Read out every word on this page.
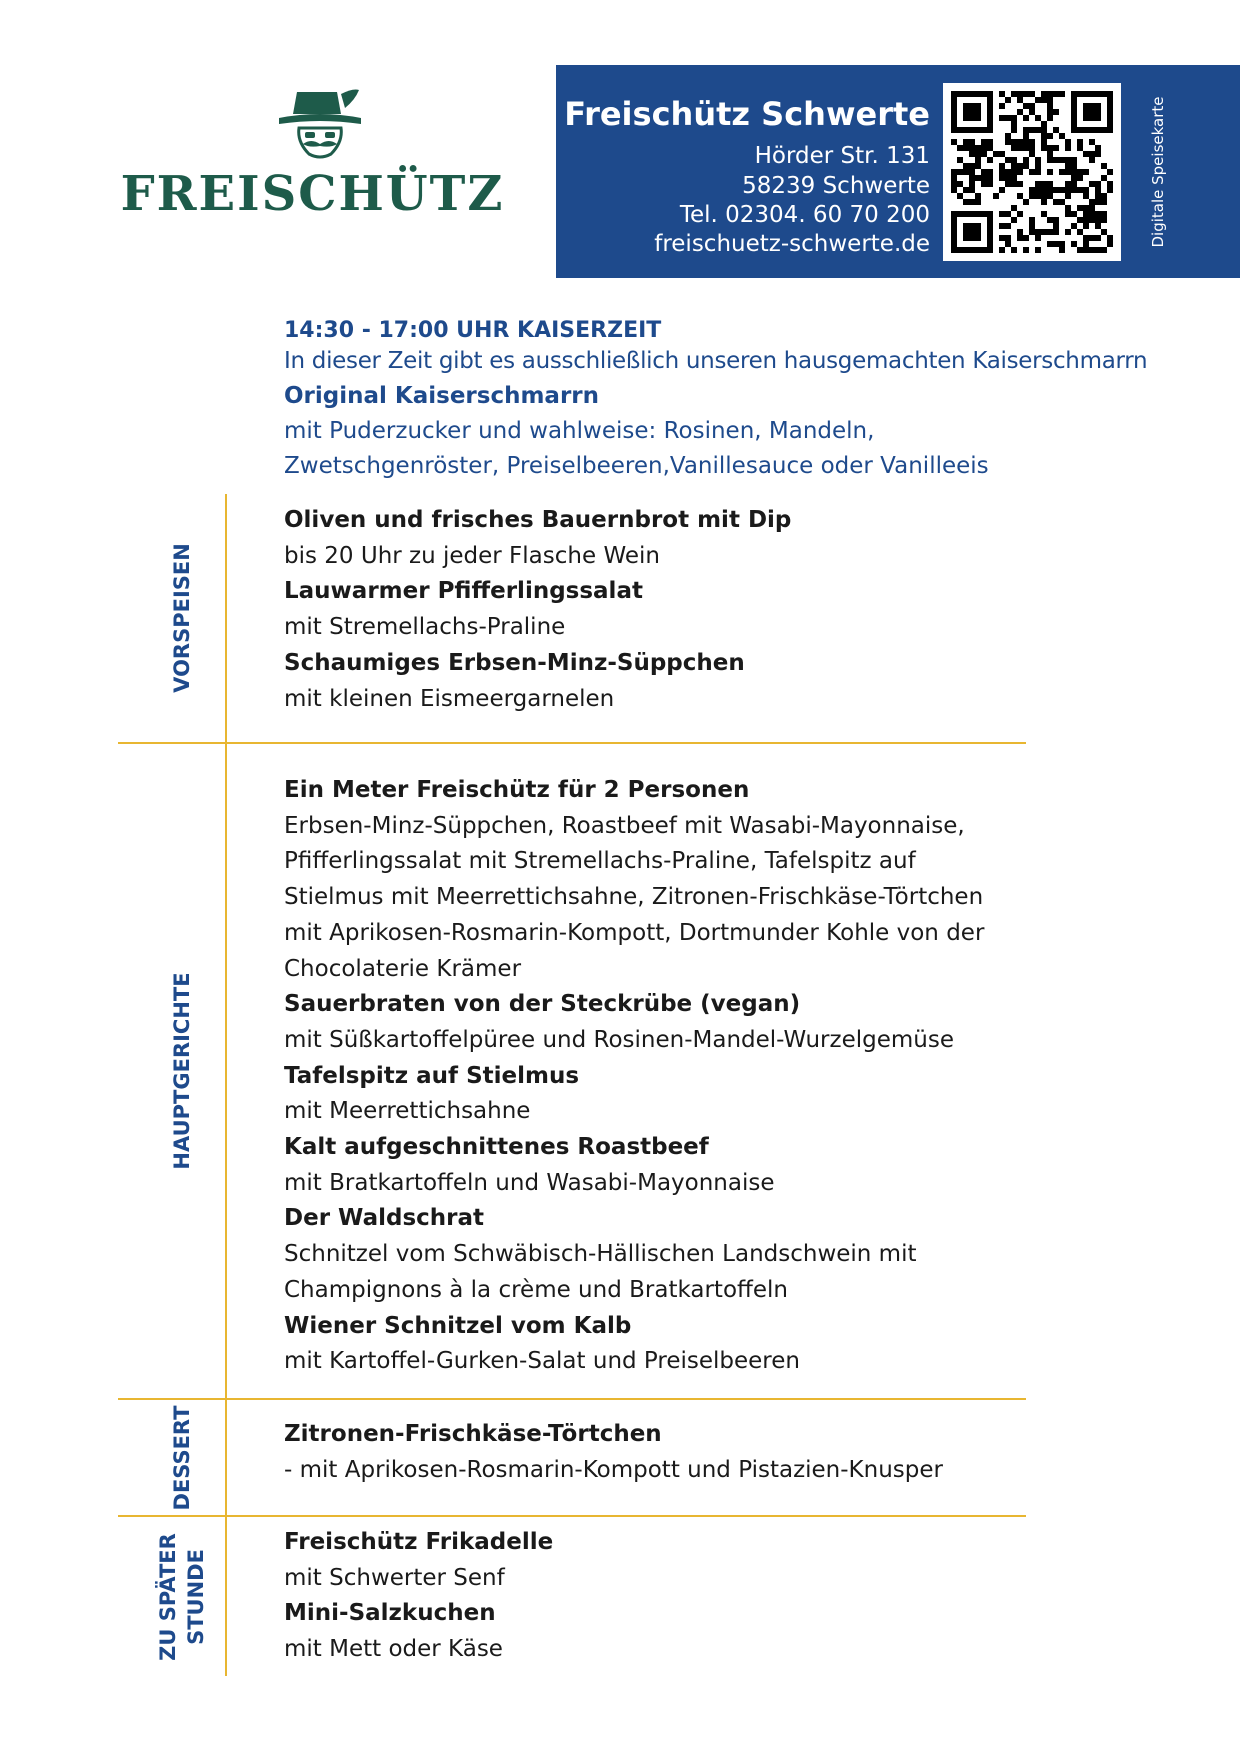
FREISCHÜTZ
Freischütz Schwerte
Hörder Str. 131
58239 Schwerte
Tel. 02304. 60 70 200
freischuetz-schwerte.de	Digitale Speisekarte
14:30 - 17:00 UHR KAISERZEIT
In dieser Zeit gibt es ausschließlich unseren hausgemachten Kaiserschmarrn
Original Kaiserschmarrn
mit Puderzucker und wahlweise: Rosinen, Mandeln,
Zwetschgenröster, Preiselbeeren,Vanillesauce oder Vanilleeis
VORSPEISEN
HAUPTGERICHTE
DESSERT
ZU SPÄTER STUNDE
Oliven und frisches Bauernbrot mit Dip
bis 20 Uhr zu jeder Flasche Wein
Lauwarmer Pfifferlingssalat
mit Stremellachs-Praline
Schaumiges Erbsen-Minz-Süppchen
mit kleinen Eismeergarnelen
Ein Meter Freischütz für 2 Personen
Erbsen-Minz-Süppchen, Roastbeef mit Wasabi-Mayonnaise,
Pfifferlingssalat mit Stremellachs-Praline, Tafelspitz auf
Stielmus mit Meerrettichsahne, Zitronen-Frischkäse-Törtchen
mit Aprikosen-Rosmarin-Kompott, Dortmunder Kohle von der
Chocolaterie Krämer
Sauerbraten von der Steckrübe (vegan)
mit Süßkartoffelpüree und Rosinen-Mandel-Wurzelgemüse
Tafelspitz auf Stielmus
mit Meerrettichsahne
Kalt aufgeschnittenes Roastbeef
mit Bratkartoffeln und Wasabi-Mayonnaise
Der Waldschrat
Schnitzel vom Schwäbisch-Hällischen Landschwein mit
Champignons à la crème und Bratkartoffeln
Wiener Schnitzel vom Kalb
mit Kartoffel-Gurken-Salat und Preiselbeeren
Zitronen-Frischkäse-Törtchen
- mit Aprikosen-Rosmarin-Kompott und Pistazien-Knusper
Freischütz Frikadelle
mit Schwerter Senf
Mini-Salzkuchen
mit Mett oder Käse
